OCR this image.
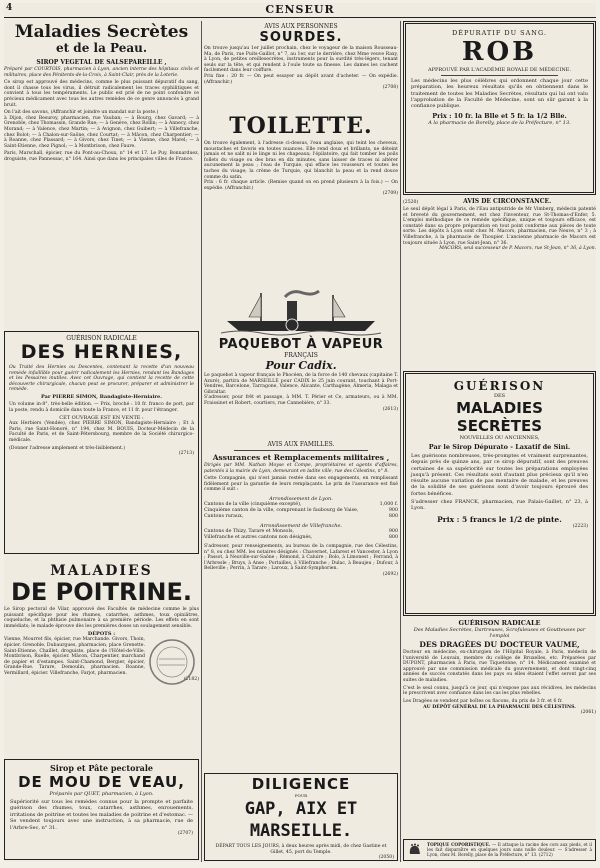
4	CENSEUR

Maladies Secrètes

et de la Peau.

SIROP VEGETAL DE SALSEPAREILLE ,

Préparé par COURTOIS, pharmacien à Lyon, ancien interne des hôpitaux civils et militaires, place des Pénitents-de-la-Croix, à Saint-Clair, près de la Loterie.

Ce sirop est approuvé des médecins, comme le plus puissant dépuratif du sang, dont il chasse tous les virus, il détruit radicalement les traces syphilitiques et convient à tous les tempéraments. Le public est prié de ne point confondre ce précieux médicament avec tous les autres remèdes de ce genre annoncés à grand bruit.

On l'ait des savons, (Affranchir et joindre un mandat sur la poste.)

à Dijon, chez Besuroy, pharmacien, rue Vauban; — à Bourg, chez Gavard; — à Grenoble, chez Thomassin, Grande Rue; — à Genève, chez Rollin; — à Annecy, chez Morand; — à Valence, chez Martin; — à Avignon, chez Guibert; — à Villefranche, chez Bolot; — à Chalon-sur-Saône, chez Courtat; — à Mâcon, chez Charpentier; — à Roanne, chez Plassard; — à Givors, chez Tinet; — à Vienne, chez Marel; — à Saint-Etienne, chez Pignol; — à Montbrison, chez Faure.

Paris, Marschall, épicier, rue du Pont-au-Choux, n° 14 et 17. Le Puy, Bonnarduez, droguiste, rue Pannessac, n° 164. Ainsi que dans les principales villes de France.

GUÉRISON RADICALE

DES HERNIES,

Ou Traité des Hernies ou Descentes, contenant la recette d'un nouveau remède infaillible pour guérir radicalement les Hernies, rendant les Bandages et les Pessaires inutiles. Avec cet Ouvrage, qui contient la recette de cette découverte chirurgicale, chacun peut se procurer, préparer et administrer le remède.

Par PIERRE SIMON, Bandagiste-Herniaire.

Un volume in-8°, très-belle édition. — Prix, broché : 10 fr. franco de port, par la poste, rendu à domicile dans toute la France, et 11 fr. pour l'étranger.

CET OUVRAGE EST EN VENTE :

Aux Herbiers (Vendée), chez PIERRE SIMON, Bandagiste-Herniaire ; Et à Paris, rue Saint-Honoré, n° 194, chez M. BOUIS, Docteur-Médecin de la Faculté de Paris, et de Saint-Pétersbourg, membre de la Société chirurgico-médicale.

(Donner l'adresse amplement et très-lisiblement.)

(2713)

MALADIES

DE POITRINE.

Le Sirop pectoral de Vilar, approuvé des Facultés de médecine comme le plus puissant spécifique pour les rhumes, catarrhes, asthmes, toux opiniâtres, coqueluche, et la phthisie pulmonaire à sa première période. Les effets en sont immédiats; le malade éprouve dès les premières doses un soulagement sensible.

DÉPOTS :

Vienne, Mourret fils, épicier, rue Marchande. Givors, Thoin, épicier. Grenoble, Dubaurgues, pharmacien, place Grenette. Saint-Etienne, Chaillet, droguiste, place de l'Hôtel-de-Ville. Montbrison, Ruelle, épicier. Mâcon, Charpentier, marchand de papier et d'estampes. Saint-Chamond, Bergier, épicier, Grande-Rue. Tarare, Demoulin, pharmacien. Roanne, Vermillard, épicier. Villefranche, Farjot, pharmacien.

(2182)

Sirop et Pâte pectorale

DE MOU DE VEAU,

Préparés par QUET, pharmacien, à Lyon.

Supériorité sur tous les remèdes connus pour la prompte et parfaite guérison des rhumes, toux, catarrhes, asthmes, enrouements, irritations de poitrine et toutes les maladies de poitrine et d'estomac. — Se vendent toujours avec une instruction, à sa pharmacie, rue de l'Arbre-Sec, n° 31.

(2707)

AVIS AUX PERSONNES

SOURDES.

On trouve jusqu'au 1er juillet prochain, chez le voyageur de la maison Rousseau-Ma, de Paris, rue Puits-Gaillot, n° 7, au 1er, sur le derrière, chez Mme veuve Raxy, à Lyon, de petites oreillesecrètes, instruments pour la surdité très-légers, tenant seuls sur la tête, et qui rendent à l'ouïe toute sa finesse. Les dames les cachent facilement dans leur coiffure.

Prix fixe : 20 fr. — On peut essayer au dépôt avant d'acheter. — On expédie. (Affranchir.)

(2708)

TOILETTE.

On trouve également, à l'adresse ci-dessus, l'eau anglaise, qui teint les cheveux, moustaches et favoris en toutes nuances. Elle rend doux et brillants, ne déteint jamais et ne salit ni le linge ni les chapeaux; l'épilatoire, qui fait tomber les poils follets du visage ou des bras en dix minutes, sans laisser de traces ni altérer aucunement la peau ; l'eau de Turquie, qui efface les rousseurs et toutes les taches du visage; la crème de Turquie, qui blanchit la peau et la rend douce comme du satin.

Prix : 6 fr. chaque article. (Remise quand on en prend plusieurs à la fois.) — On expédie. (Affranchir.)

(2709)

PAQUEBOT À VAPEUR

FRANÇAIS

Pour Cadix.

Le paquebot à vapeur français le Phocéen, de la force de 140 chevaux (capitaine T. Azuré), partira de MARSEILLE pour CADIX le 25 juin courant, touchant à Port-Vendres, Barcelone, Tarragone, Valence, Alicante, Carthagène, Almeria, Malaga et Gibraltar.

S'adresser, pour frêt et passage, à MM. T. Périer et Ce, armateurs, ou à MM. Fraissinet et Robert, courtiers, rue Cannebière, n° 33.

(2613)

AVIS AUX FAMILLES.

Assurances et Remplacements militaires ,

Dirigés par MM. Nathan Moyse et Compe, propriétaires et agents d'affaires, patentés à la mairie de Lyon, demeurant en ladite ville, rue des Célestins, n° 8.

Cette Compagnie, qui n'est jamais restée dans ses engagements, en remplissant fidèlement pour la garantie de leurs remplaçants. Le prix de l'assurance est fixé comme il suit :

Arrondissement de Lyon.

Cantons de la ville (cinquième excepté),	1,000 f.
Cinquième canton de la ville, comprenant le faubourg de Vaise,	900
Cantons ruraux,	800

Arrondissement de Villefranche.

Cantons de Thizy, Tarare et Monsols,	900
Villefranche et autres cantons non désignés,	800

S'adresser, pour renseignements, au bureau de la compagnie, rue des Célestins, n° 8, ou chez MM. les notaires désignés : Chavernet, Lafarest et Vancester, à Lyon ; Passot, à Neuville-sur-Saône ; Rémond, à Caluire ; Bolo, à Limonest ; Ferrand, à l'Arbresle ; Bruys, à Anse ; Portailles, à Villefranche ; Dulac, à Beaujeu ; Dufour, à Belleville ; Perrin, à Tarare ; Laroux, à Saint-Symphorien.

(2692)

DILIGENCE

POUR

GAP, AIX ET MARSEILLE.

DÉPART TOUS LES JOURS, à deux heures après midi, de chez Gastine et Gillet, 45, port du Temple.

(2050)

DÉPURATIF DU SANG.

ROB

APPROUVÉ PAR L'ACADÉMIE ROYALE DE MÉDECINE.

Les médecins les plus célèbres qui ordonnent chaque jour cette préparation, les heureux résultats qu'ils en obtiennent dans le traitement de toutes les Maladies Secrètes, résultats qui lui ont valu l'approbation de la Faculté de Médecine, sont un sûr garant à la confiance publique.

Prix : 10 fr. la Blle et 5 fr. la 1/2 Blle.

A la pharmacie de Borelly, place de la Préfecture, n° 13.

(2520)	AVIS DE CIRCONSTANCE.

Le seul dépôt légal à Paris, de l'Eau antiputride de Mr Vimberg, médecin patenté et breveté du gouvernement, est chez l'inventeur, rue St-Thomas-d'Enfer, 5. L'emploi méthodique de ce remède spécifique, unique et toujours efficace, est constaté dans sa propre préparation en tout point conforme aux pièces de toute sorte. Les dépôts à Lyon sont chez M. Macors, pharmacien, rue Neuve, n° 3 ; à Villefranche, à la pharmacie de Thoupier. L'ancienne pharmacie de Macors est toujours située à Lyon, rue Saint-Jean, n° 36.

MACORS, seul successeur de P. Macors, rue St-Jean, n° 36, à Lyon.

GUÉRISON

DES

MALADIES SECRÈTES

NOUVELLES OU ANCIENNES,

Par le Sirop Dépurato - Laxatif de Sini.

Les guérisons nombreuses, très-promptes et vraiment surprenantes, depuis près de quinze ans, par ce sirop dépuratif, sont des preuves certaines de sa supériorité sur toutes les préparations employées jusqu'à présent. Ces résultats sont d'autant plus précieux qu'il n'en résulte aucune variation de pas mentaire de malade, et les preuves de la solidité de ses guérisons sont d'avoir toujours éprouvé des fortes bénéfices.

S'adresser chez FRANCK, pharmacien, rue Palais-Gaillet, n° 23, à Lyon.

Prix : 5 francs le 1/2 de pinte.

(2223)

GUÉRISON RADICALE

Des Maladies Secrètes, Dartreuses, Scrofuleuses et Goutteuses par l'emploi

DES DRAGÉES DU DOCTEUR VAUME,

Docteur en médecine, ex-chirurgien de l'Hôpital Royale, à Paris, médecin de l'université de Louvain, membre du collège de Bruxelles, etc. Préparées par DUPONT, pharmacien à Paris, rue Tiquetonne, n° 14. Médicament examiné et approuvé par une commission médicale du gouvernement, et dont vingt-cinq années de succès constatés dans les pays ou elles étaient l'effet seront par ses suites de maladies.

C'est le seul connu, jusqu'à ce jour, qui n'expose pas aux récidives, les médecins le prescrivent avec confiance dans les cas les plus rebelles.

Les Dragées se vendent par boîtes ou flacons, du prix de 3 fr. et 6 fr.

AU DÉPÔT GÉNÉRAL DE LA PHARMACIE DES CÉLESTINS.

(2061)

TOPIQUE COPORISTIQUE. — Il attaque la racine des cors aux pieds, et il les fait disparaître en quelques jours sans nulle douleur. — S'adresser à Lyon, chez M. Borelly, place de la Préfecture, n° 13. (2712)
